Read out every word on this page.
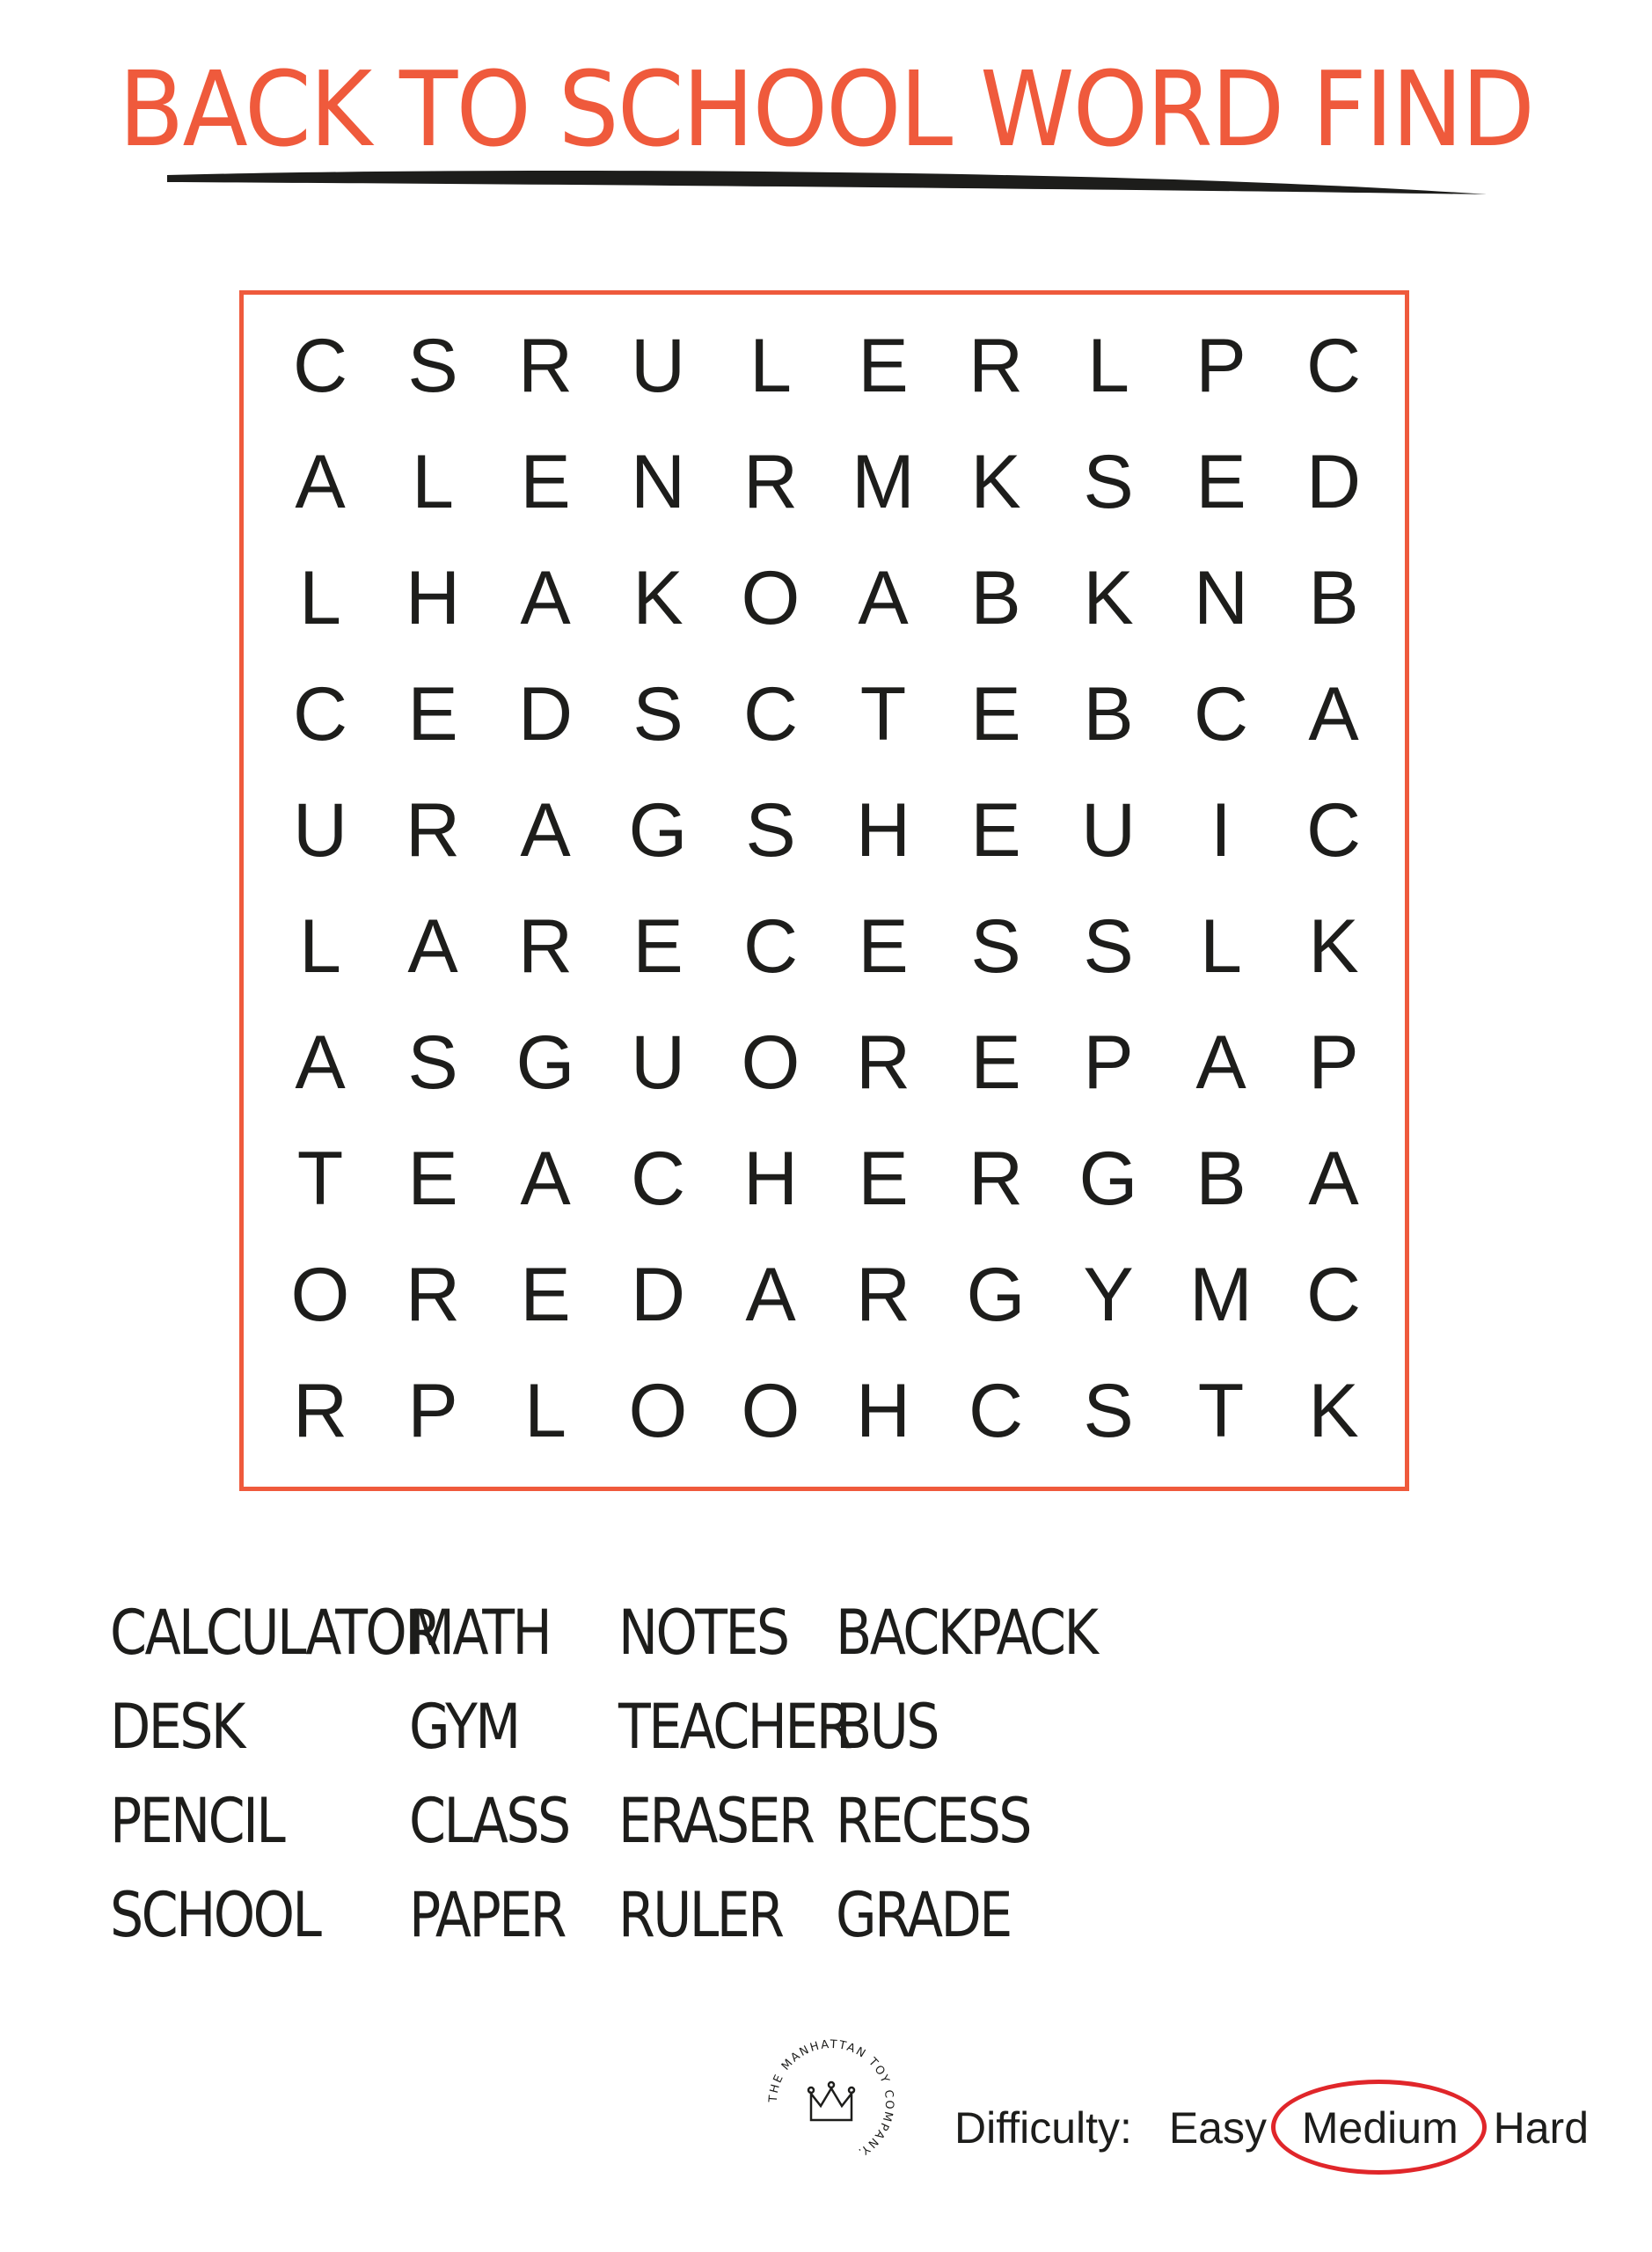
BACK TO SCHOOL WORD FIND
C S R U L E R L P C
A L E N R M K S E D
L H A K O A B K N B
C E D S C T E B C A
U R A G S H E U I C
L A R E C E S S L K
A S G U O R E P A P
T E A C H E R G B A
O R E D A R G Y M C
R P L O O H C S T K
CALCULATOR
DESK
PENCIL
SCHOOL
MATH
GYM
CLASS
PAPER
NOTES
TEACHER
ERASER
RULER
BACKPACK
BUS
RECESS
GRADE
THE MANHATTAN TOY COMPANY.	Difficulty: Easy Medium Hard
